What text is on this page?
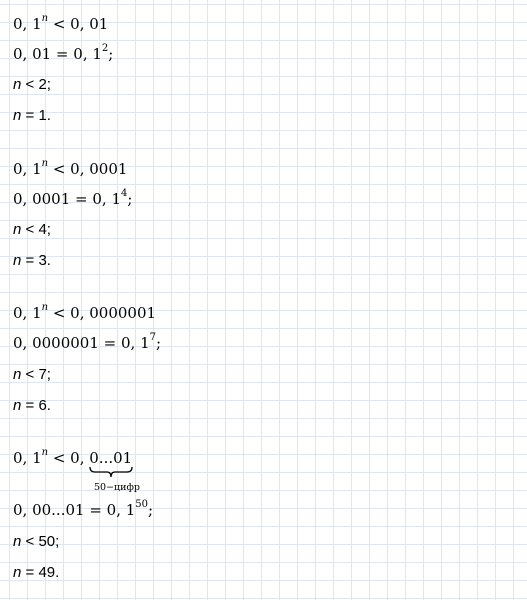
0, $1^n < 0$, 01
0, 01 = 0, $1^2$;
n < 2;
n = 1.
0, $1^n < 0$, 0001
0, 0001 = 0, $1^4$;
n < 4;
n = 3.
0, $1^n < 0$, 0000001
0, 0000001 = 0, $1^7$;
n < 7;
n = 6.
0, $1^n < 0$, 0...01
50−цифр
0, 00...01 = 0, $1^{50}$;
n < 50;
n = 49.
